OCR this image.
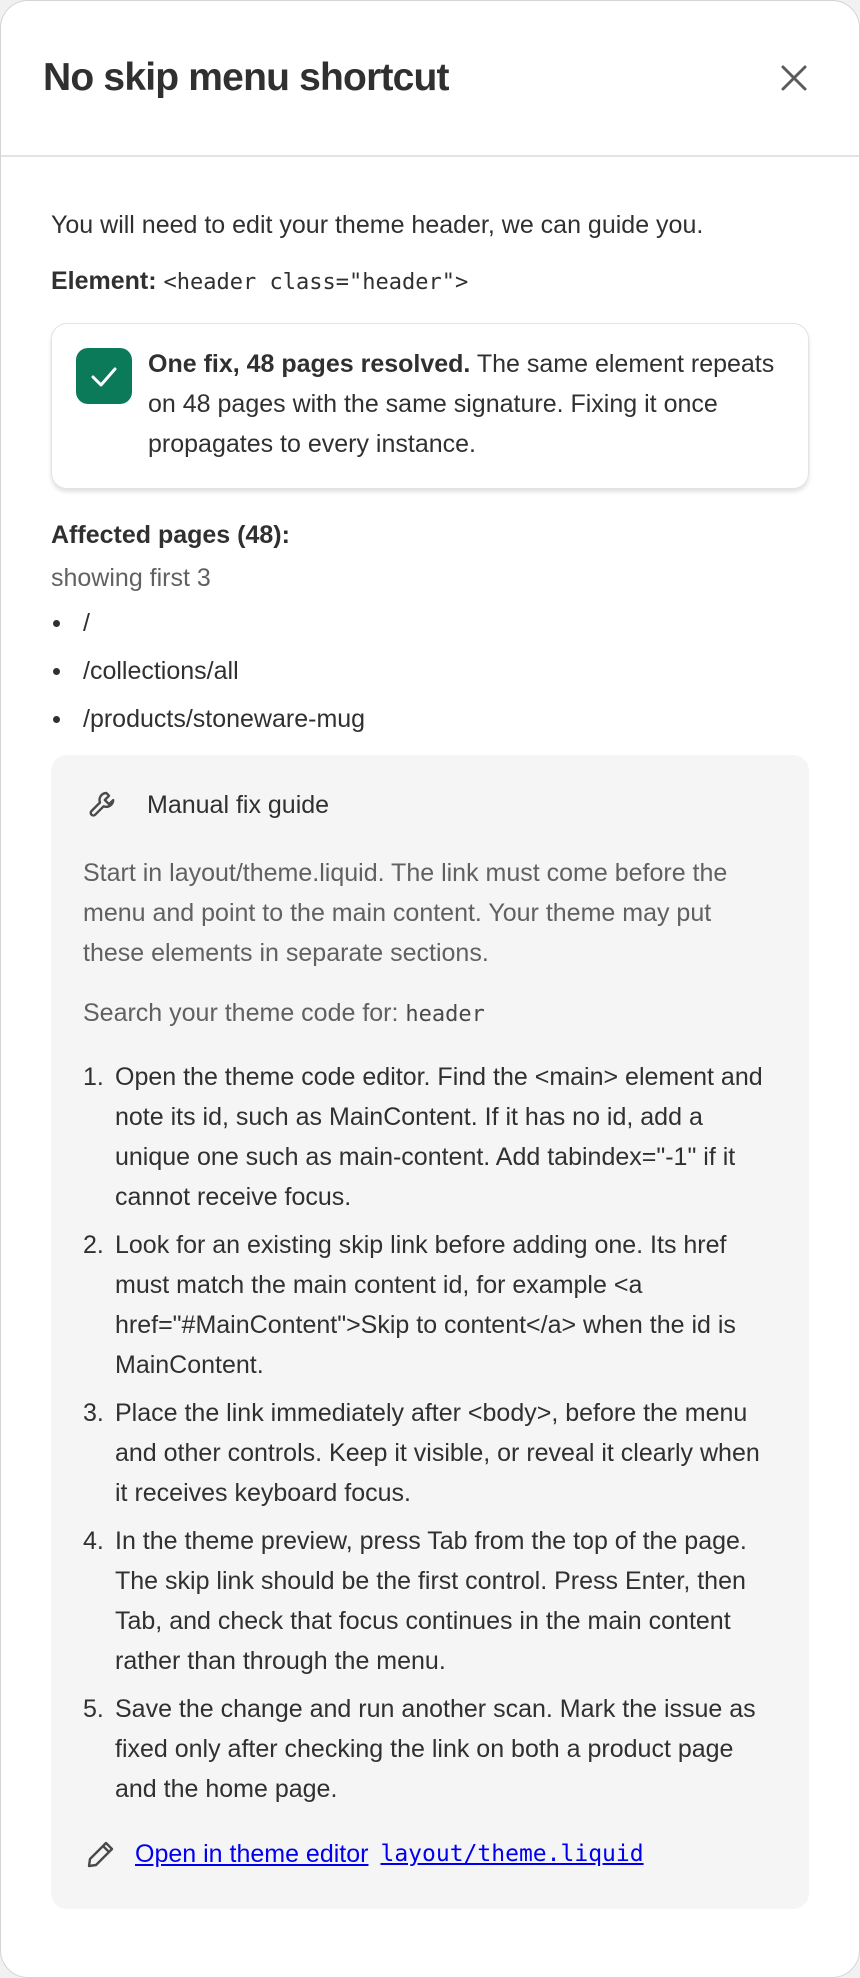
No skip menu shortcut

You will need to edit your theme header, we can guide you.

Element: <header class="header">

One fix, 48 pages resolved. The same element repeats on 48 pages with the same signature. Fixing it once propagates to every instance.

Affected pages (48):

showing first 3

/
/collections/all
/products/stoneware-mug
Manual fix guide

Start in layout/theme.liquid. The link must come before the menu and point to the main content. Your theme may put these elements in separate sections.

Search your theme code for: header

1. Open the theme code editor. Find the <main> element and note its id, such as MainContent. If it has no id, add a unique one such as main-content. Add tabindex="-1" if it cannot receive focus.
2. Look for an existing skip link before adding one. Its href must match the main content id, for example <a href="#MainContent">Skip to content</a> when the id is MainContent.
3. Place the link immediately after <body>, before the menu and other controls. Keep it visible, or reveal it clearly when it receives keyboard focus.
4. In the theme preview, press Tab from the top of the page. The skip link should be the first control. Press Enter, then Tab, and check that focus continues in the main content rather than through the menu.
5. Save the change and run another scan. Mark the issue as fixed only after checking the link on both a product page and the home page.
Open in theme editor layout/theme.liquid
